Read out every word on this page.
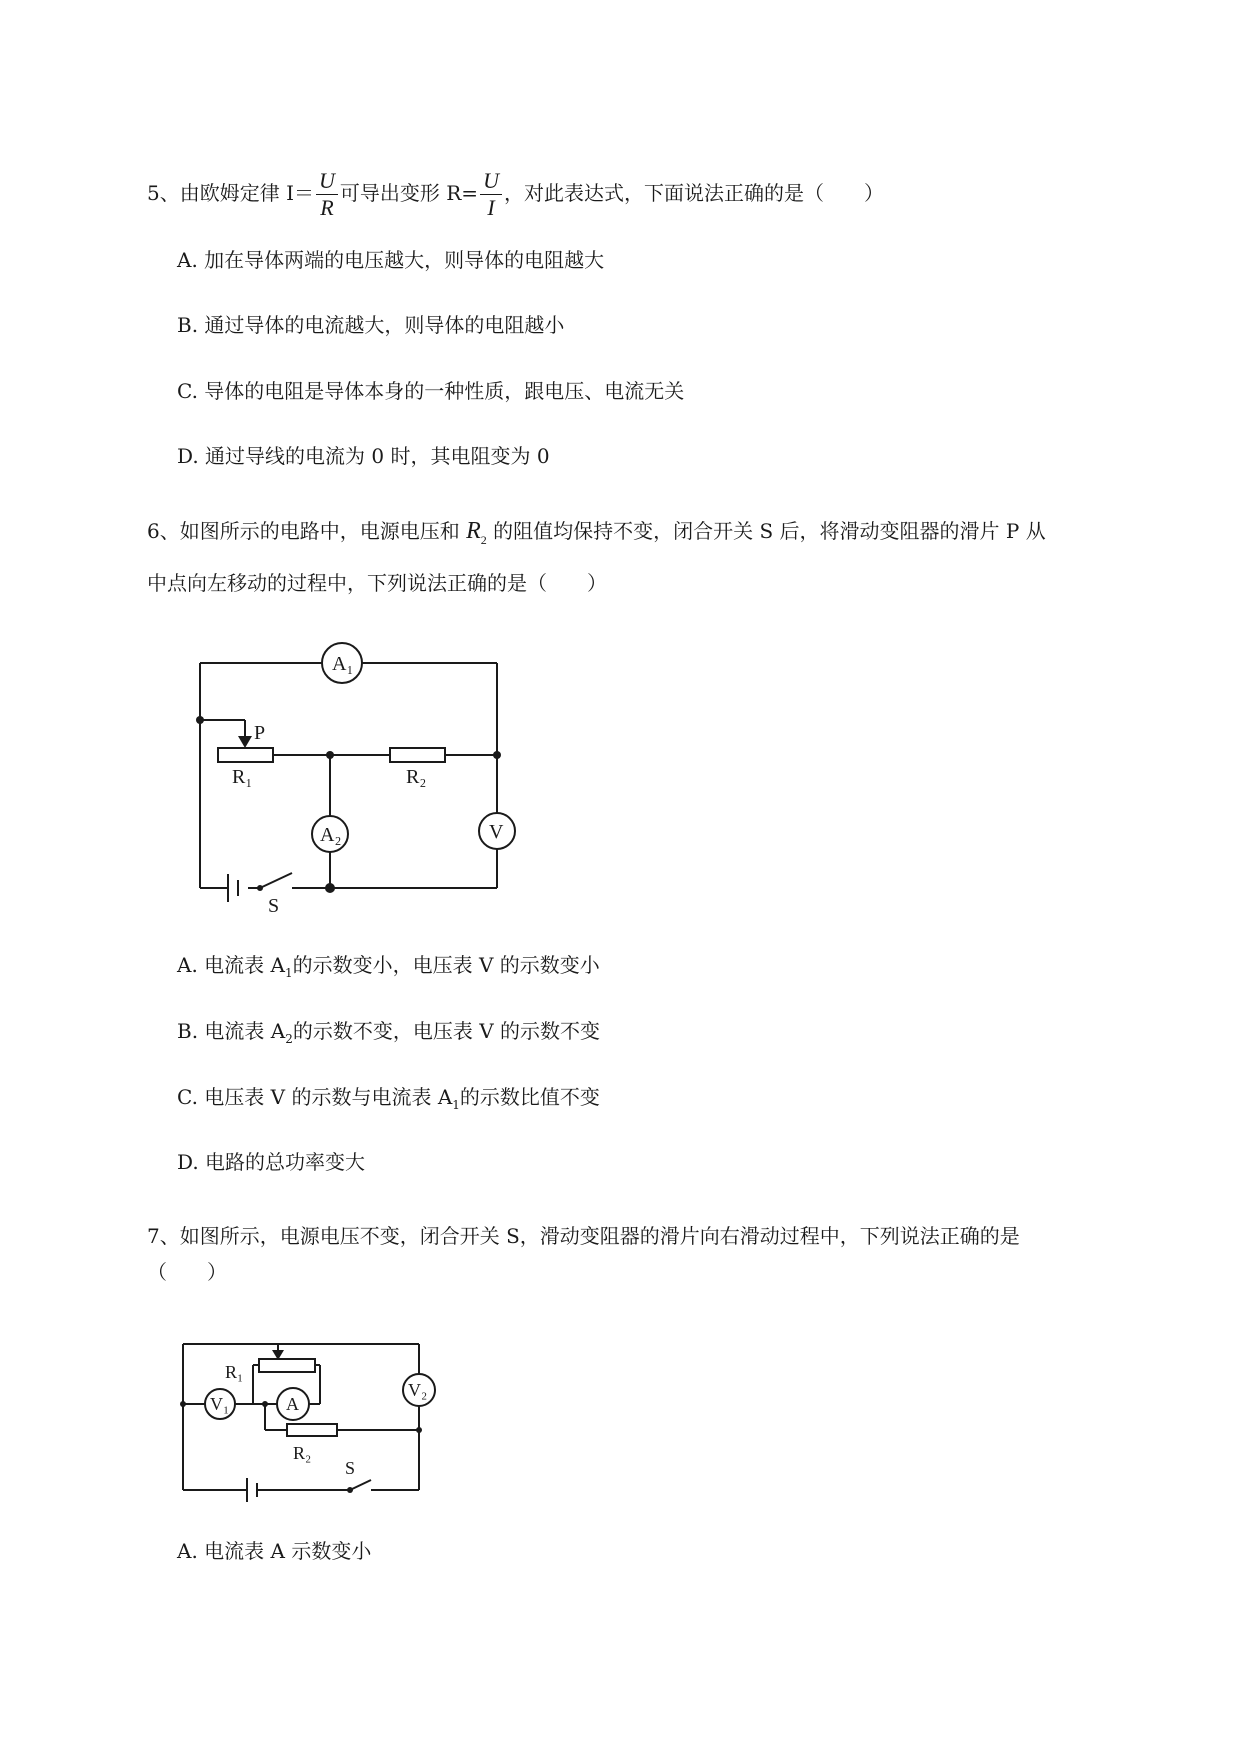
5、由欧姆定律 $I= \frac{U}{R}$ 可导出变形 $R= \frac{U}{I}$ ，对此表达式，下面说法正确的是（　　）
A. 加在导体两端的电压越大，则导体的电阻越大
B. 通过导体的电流越大，则导体的电阻越小
C. 导体的电阻是导体本身的一种性质，跟电压、电流无关
D. 通过导线的电流为 0 时，其电阻变为 0
6、如图所示的电路中，电源电压和 $R_2$ 的阻值均保持不变，闭合开关 S 后，将滑动变阻器的滑片 P 从
中点向左移动的过程中，下列说法正确的是（　　）
A₁
A₂	V
P
R₁	R₂
S
A. 电流表 $A_1$的示数变小，电压表 V 的示数变小
B. 电流表 $A_2$的示数不变，电压表 V 的示数不变
C. 电压表 V 的示数与电流表 $A_1$的示数比值不变
D. 电路的总功率变大
7、如图所示，电源电压不变，闭合开关 S，滑动变阻器的滑片向右滑动过程中，下列说法正确的是
（　　）
R₁
V₁	A
V₂
R₂
S
A. 电流表 A 示数变小
